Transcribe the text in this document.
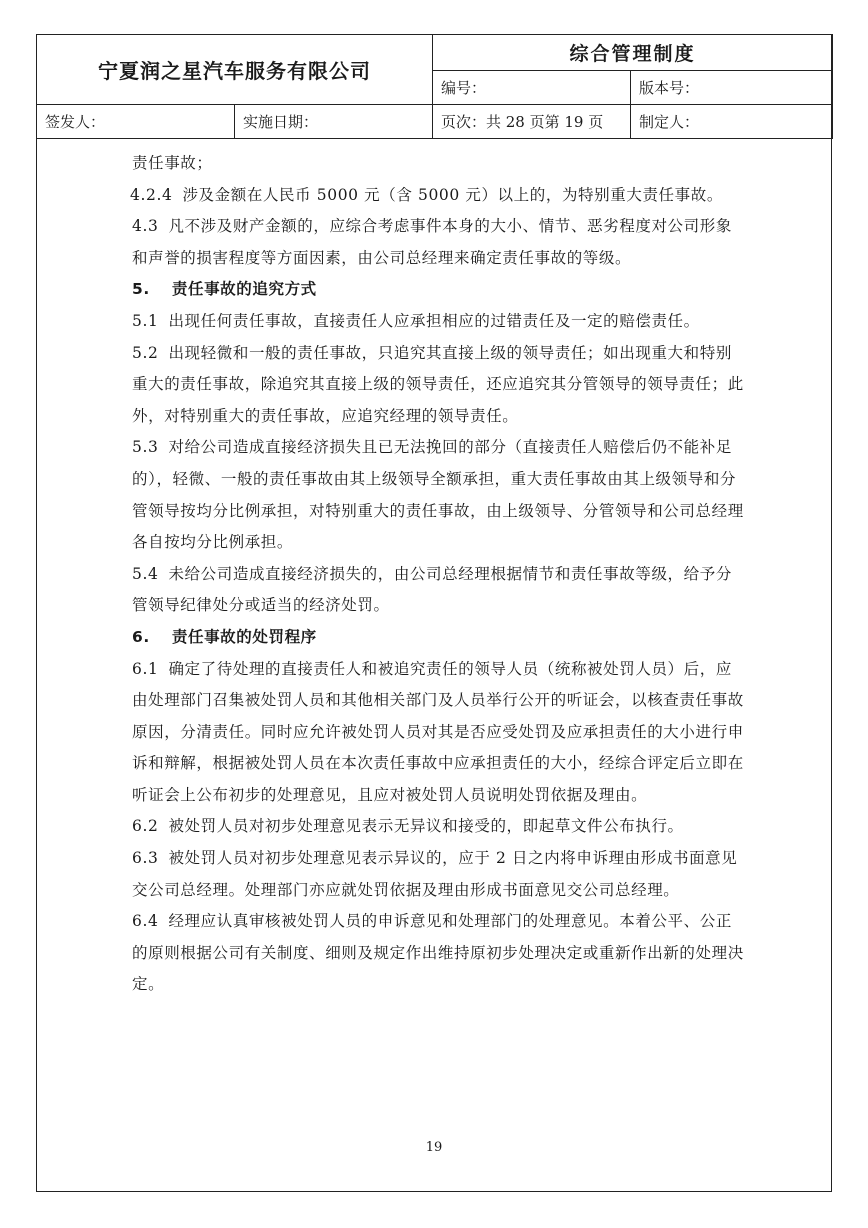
宁夏润之星汽车服务有限公司		综合管理制度	
		编号：	版本号：
签发人：	实施日期：	页次：共 28 页第 19 页	制定人：

责任事故；

4.2.4 涉及金额在人民币 5000 元（含 5000 元）以上的，为特别重大责任事故。

4.3 凡不涉及财产金额的，应综合考虑事件本身的大小、情节、恶劣程度对公司形象和声誉的损害程度等方面因素，由公司总经理来确定责任事故的等级。

5. 责任事故的追究方式

5.1 出现任何责任事故，直接责任人应承担相应的过错责任及一定的赔偿责任。

5.2 出现轻微和一般的责任事故，只追究其直接上级的领导责任；如出现重大和特别重大的责任事故，除追究其直接上级的领导责任，还应追究其分管领导的领导责任；此外，对特别重大的责任事故，应追究经理的领导责任。

5.3 对给公司造成直接经济损失且已无法挽回的部分（直接责任人赔偿后仍不能补足的），轻微、一般的责任事故由其上级领导全额承担，重大责任事故由其上级领导和分管领导按均分比例承担，对特别重大的责任事故，由上级领导、分管领导和公司总经理各自按均分比例承担。

5.4 未给公司造成直接经济损失的，由公司总经理根据情节和责任事故等级，给予分管领导纪律处分或适当的经济处罚。

6. 责任事故的处罚程序

6.1 确定了待处理的直接责任人和被追究责任的领导人员（统称被处罚人员）后，应由处理部门召集被处罚人员和其他相关部门及人员举行公开的听证会，以核查责任事故原因，分清责任。同时应允许被处罚人员对其是否应受处罚及应承担责任的大小进行申诉和辩解，根据被处罚人员在本次责任事故中应承担责任的大小，经综合评定后立即在听证会上公布初步的处理意见，且应对被处罚人员说明处罚依据及理由。

6.2 被处罚人员对初步处理意见表示无异议和接受的，即起草文件公布执行。

6.3 被处罚人员对初步处理意见表示异议的，应于 2 日之内将申诉理由形成书面意见交公司总经理。处理部门亦应就处罚依据及理由形成书面意见交公司总经理。

6.4 经理应认真审核被处罚人员的申诉意见和处理部门的处理意见。本着公平、公正的原则根据公司有关制度、细则及规定作出维持原初步处理决定或重新作出新的处理决定。

19
